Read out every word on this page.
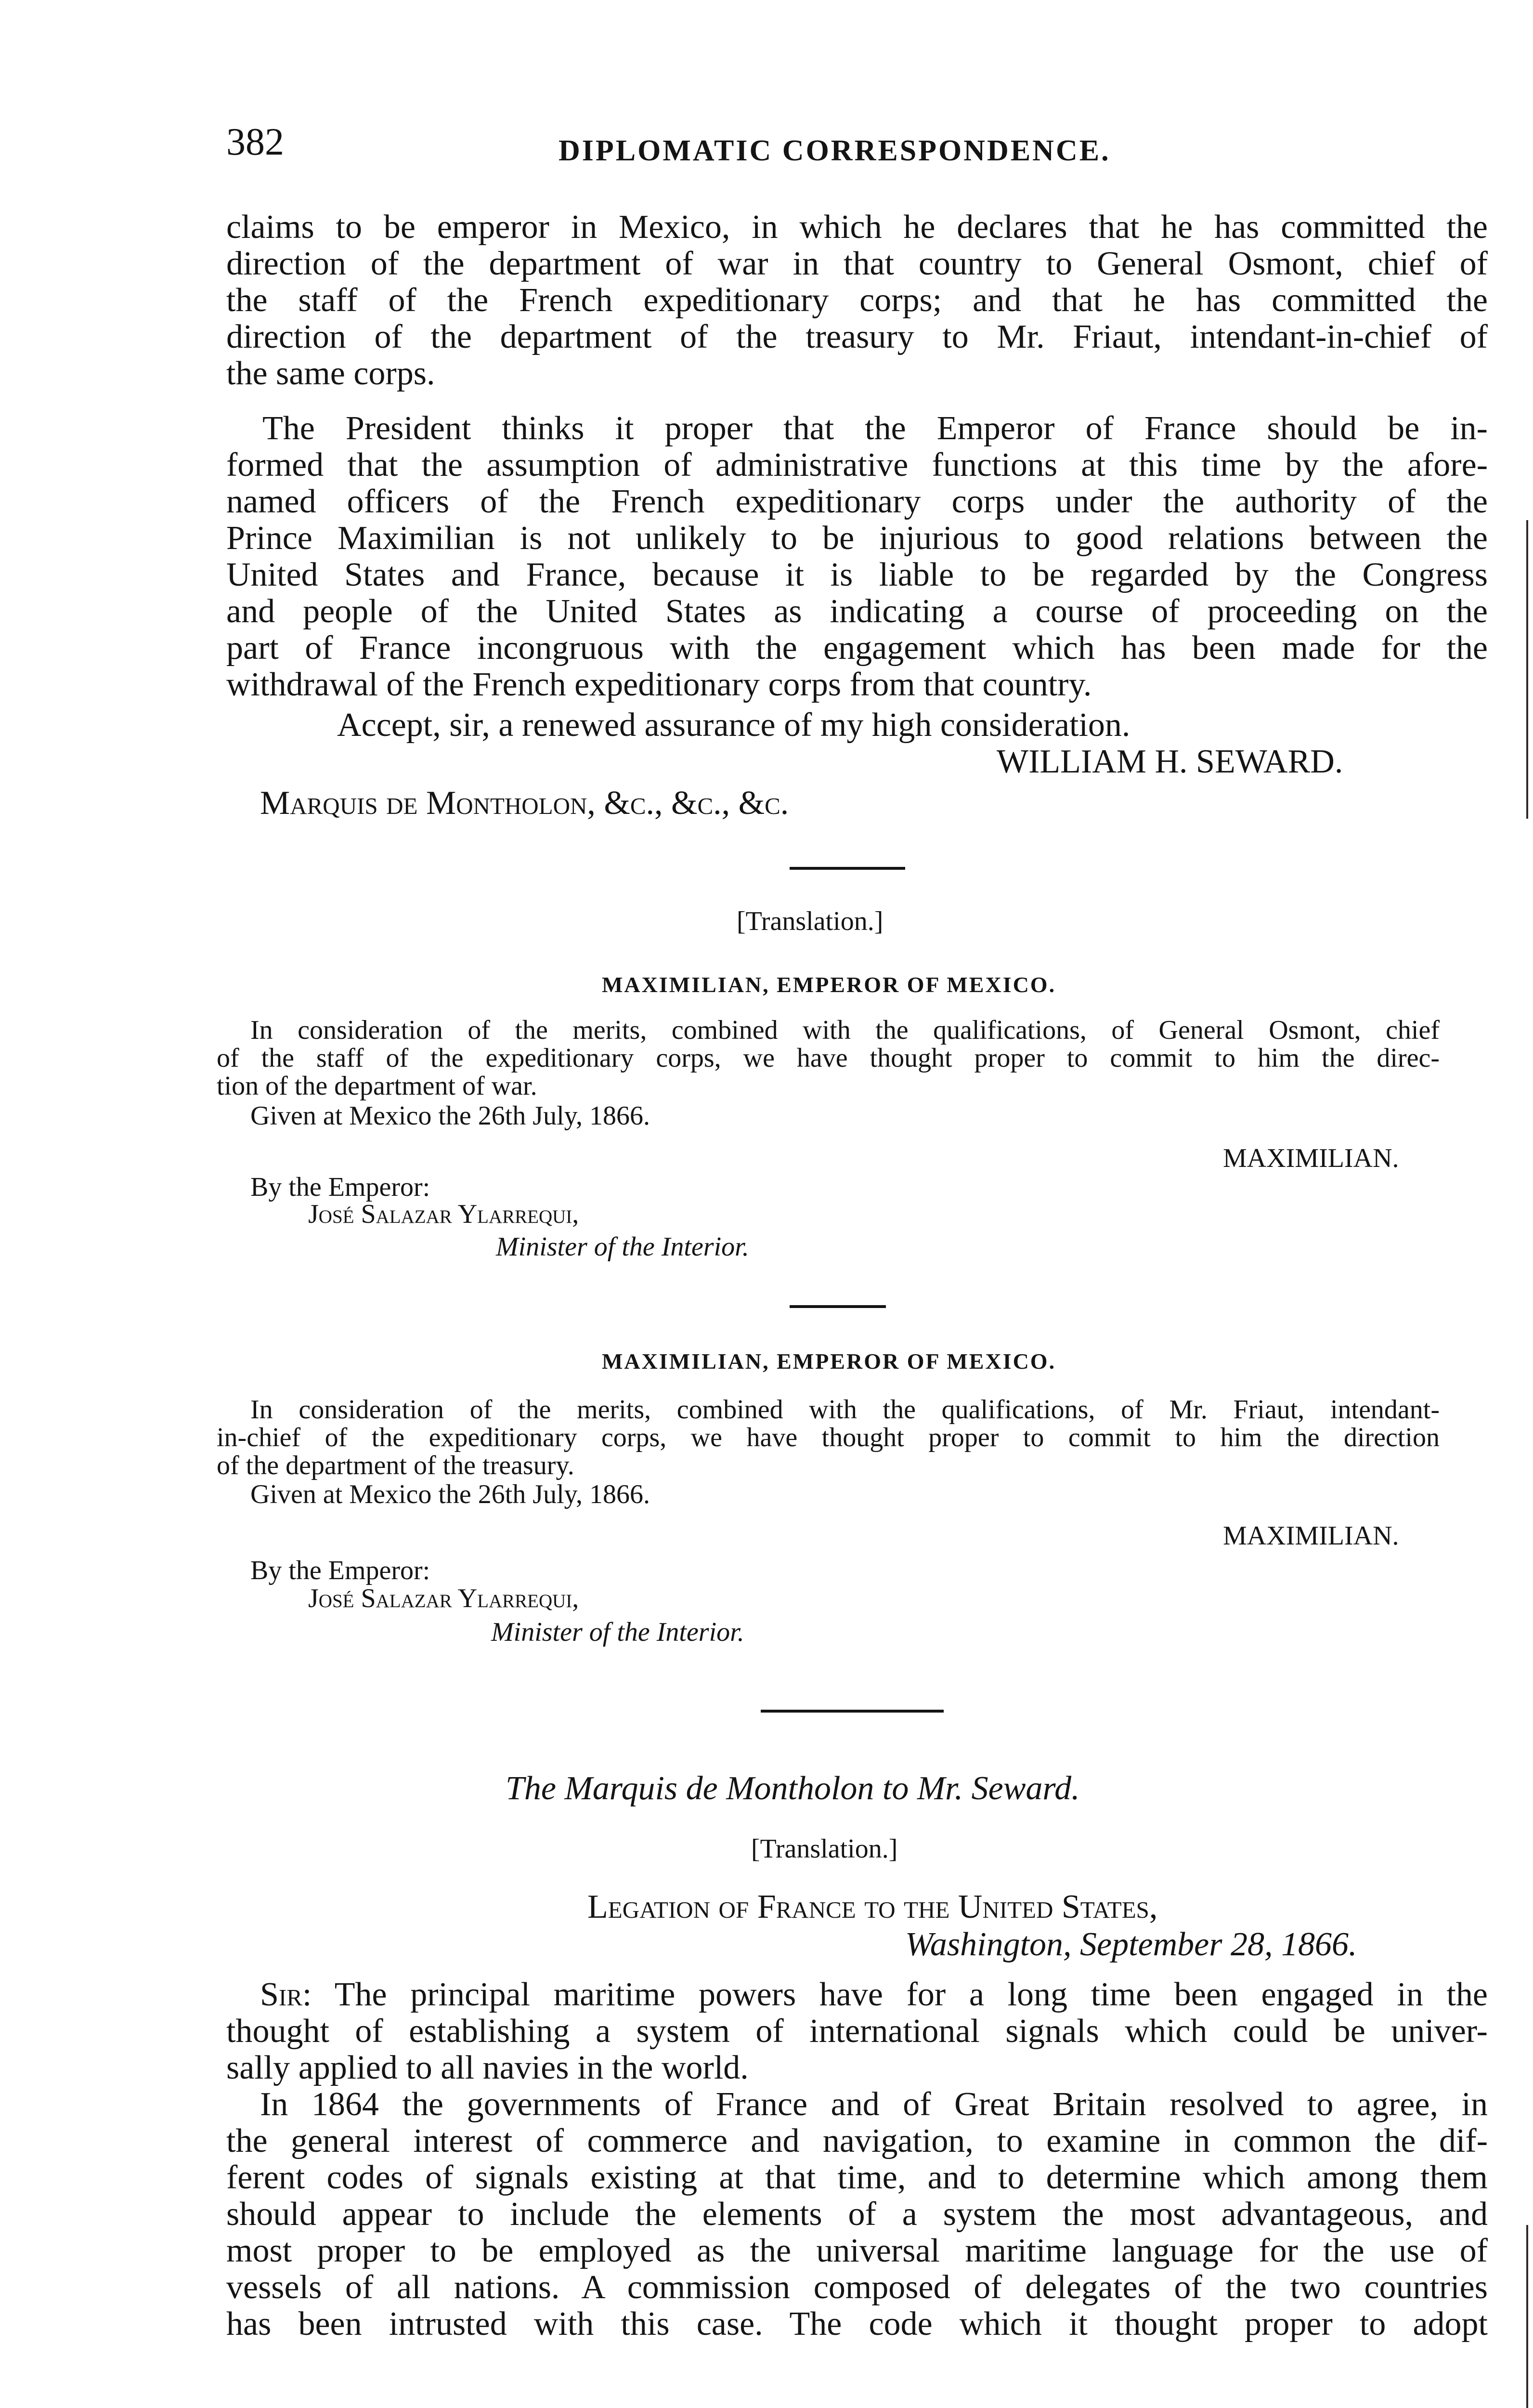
382	DIPLOMATIC CORRESPONDENCE.
claims to be emperor in Mexico, in which he declares that he has committed the
direction of the department of war in that country to General Osmont, chief of
the staff of the French expeditionary corps; and that he has committed the
direction of the department of the treasury to Mr. Friaut, intendant-in-chief of
the same corps.
The President thinks it proper that the Emperor of France should be in-
formed that the assumption of administrative functions at this time by the afore-
named officers of the French expeditionary corps under the authority of the
Prince Maximilian is not unlikely to be injurious to good relations between the
United States and France, because it is liable to be regarded by the Congress
and people of the United States as indicating a course of proceeding on the
part of France incongruous with the engagement which has been made for the
withdrawal of the French expeditionary corps from that country.
Accept, sir, a renewed assurance of my high consideration.
WILLIAM H. SEWARD.
Marquis de Montholon, &c., &c., &c.
[Translation.]
MAXIMILIAN, EMPEROR OF MEXICO.
In consideration of the merits, combined with the qualifications, of General Osmont, chief
of the staff of the expeditionary corps, we have thought proper to commit to him the direc-
tion of the department of war.
Given at Mexico the 26th July, 1866.
MAXIMILIAN.
By the Emperor:
José Salazar Ylarrequi,
Minister of the Interior.
MAXIMILIAN, EMPEROR OF MEXICO.
In consideration of the merits, combined with the qualifications, of Mr. Friaut, intendant-
in-chief of the expeditionary corps, we have thought proper to commit to him the direction
of the department of the treasury.
Given at Mexico the 26th July, 1866.
MAXIMILIAN.
By the Emperor:
José Salazar Ylarrequi,
Minister of the Interior.
The Marquis de Montholon to Mr. Seward.
[Translation.]
Legation of France to the United States,
Washington, September 28, 1866.
Sir: The principal maritime powers have for a long time been engaged in the
thought of establishing a system of international signals which could be univer-
sally applied to all navies in the world.
In 1864 the governments of France and of Great Britain resolved to agree, in
the general interest of commerce and navigation, to examine in common the dif-
ferent codes of signals existing at that time, and to determine which among them
should appear to include the elements of a system the most advantageous, and
most proper to be employed as the universal maritime language for the use of
vessels of all nations. A commission composed of delegates of the two countries
has been intrusted with this case. The code which it thought proper to adopt
